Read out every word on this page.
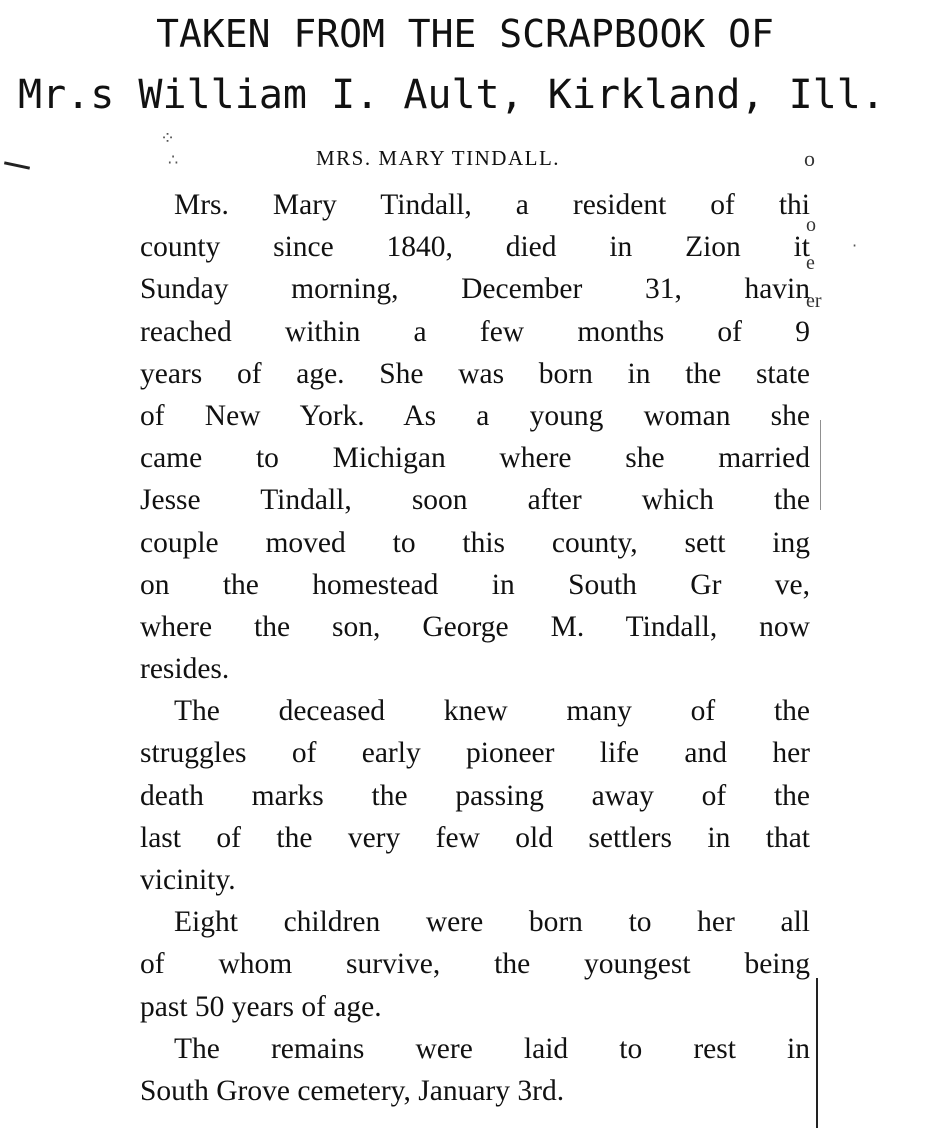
TAKEN FROM THE SCRAPBOOK OF
Mr.s William I. Ault, Kirkland, Ill.
⁘
∴
⋅
MRS. MARY TINDALL.	o
o
e
er
Mrs. Mary Tindall, a resident of thi
county since 1840, died in Zion it
Sunday morning, December 31, havin
reached within a few months of 9
years of age. She was born in the state
of New York. As a young woman she
came to Michigan where she married
Jesse Tindall, soon after which the
couple moved to this county, sett ing
on the homestead in South Gr ve,
where the son, George M. Tindall, now
resides.
The deceased knew many of the
struggles of early pioneer life and her
death marks the passing away of the
last of the very few old settlers in that
vicinity.
Eight children were born to her all
of whom survive, the youngest being
past 50 years of age.
The remains were laid to rest in
South Grove cemetery, January 3rd.
